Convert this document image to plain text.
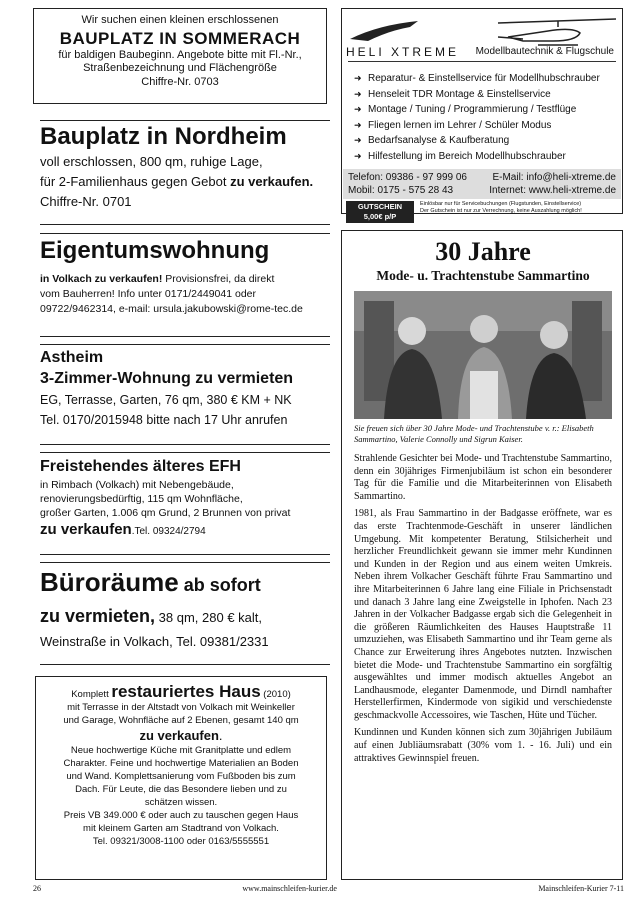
Wir suchen einen kleinen erschlossenen
BAUPLATZ IN SOMMERACH
für baldigen Baubeginn. Angebote bitte mit Fl.-Nr.,
Straßenbezeichnung und Flächengröße
Chiffre-Nr. 0703
HELI XTREME Modellbautechnik & Flugschule
➜ Reparatur- & Einstellservice für Modellhubschrauber
➜ Henseleit TDR Montage & Einstellservice
➜ Montage / Tuning / Programmierung / Testflüge
➜ Fliegen lernen im Lehrer / Schüler Modus
➜ Bedarfsanalyse & Kaufberatung
➜ Hilfestellung im Bereich Modellhubschrauber
Telefon: 09386 - 97 999 06	E-Mail: info@heli-xtreme.de
Mobil: 0175 - 575 28 43	Internet: www.heli-xtreme.de
GUTSCHEIN
5,00€ p/P
Einlösbar nur für Servicebuchungen (Flugstunden, Einstellservice)
Der Gutschein ist nur zur Verrechnung, keine Auszahlung möglich!
Bauplatz in Nordheim

voll erschlossen, 800 qm, ruhige Lage,

für 2-Familienhaus gegen Gebot zu verkaufen.

Chiffre-Nr. 0701

Eigentumswohnung

in Volkach zu verkaufen! Provisionsfrei, da direkt
vom Bauherren! Info unter 0171/2449041 oder
09722/9462314, e-mail: ursula.jakubowski@rome-tec.de

Astheim
3-Zimmer-Wohnung zu vermieten

EG, Terrasse, Garten, 76 qm, 380 € KM + NK

Tel. 0170/2015948 bitte nach 17 Uhr anrufen

Freistehendes älteres EFH

in Rimbach (Volkach) mit Nebengebäude,

renovierungsbedürftig, 115 qm Wohnfläche,

großer Garten, 1.006 qm Grund, 2 Brunnen von privat

zu verkaufen.Tel. 09324/2794

Büroräume ab sofort
zu vermieten, 38 qm, 280 € kalt,
Weinstraße in Volkach, Tel. 09381/2331
Komplett restauriertes Haus (2010)
mit Terrasse in der Altstadt von Volkach mit Weinkeller
und Garage, Wohnfläche auf 2 Ebenen, gesamt 140 qm
zu verkaufen.
Neue hochwertige Küche mit Granitplatte und edlem
Charakter. Feine und hochwertige Materialien an Boden
und Wand. Komplettsanierung vom Fußboden bis zum
Dach. Für Leute, die das Besondere lieben und zu
schätzen wissen.
Preis VB 349.000 € oder auch zu tauschen gegen Haus
mit kleinem Garten am Stadtrand von Volkach.
Tel. 09321/3008-1100 oder 0163/5555551
30 Jahre
Mode- u. Trachtenstube Sammartino
Sie freuen sich über 30 Jahre Mode- und Trachtenstube v. r.: Elisabeth Sammartino, Valerie Connolly und Sigrun Kaiser.

Strahlende Gesichter bei Mode- und Trachtenstube Sammartino, denn ein 30jähriges Firmenjubiläum ist schon ein besonderer Tag für die Familie und die Mitarbeiterinnen von Elisabeth Sammartino.

1981, als Frau Sammartino in der Badgasse eröffnete, war es das erste Trachtenmode-Geschäft in unserer ländlichen Umgebung. Mit kompetenter Beratung, Stilsicherheit und herzlicher Freundlichkeit gewann sie immer mehr Kundinnen und Kunden in der Region und aus einem weiten Umkreis. Neben ihrem Volkacher Geschäft führte Frau Sammartino und ihre Mitarbeiterinnen 6 Jahre lang eine Filiale in Prichsenstadt und danach 3 Jahre lang eine Zweigstelle in Iphofen. Nach 23 Jahren in der Volkacher Badgasse ergab sich die Gelegenheit in die größeren Räumlichkeiten des Hauses Hauptstraße 11 umzuziehen, was Elisabeth Sammartino und ihr Team gerne als Chance zur Erweiterung ihres Angebotes nutzten. Inzwischen bietet die Mode- und Trachtenstube Sammartino ein sorgfältig ausgewähltes und immer modisch aktuelles Angebot an Landhausmode, eleganter Damenmode, und Dirndl namhafter Herstellerfirmen, Kindermode von sigikid und verschiedenste geschmackvolle Accessoires, wie Taschen, Hüte und Tücher.

Kundinnen und Kunden können sich zum 30jährigen Jubiläum auf einen Jubliäumsrabatt (30% vom 1. - 16. Juli) und ein attraktives Gewinnspiel freuen.

26	www.mainschleifen-kurier.de	Mainschleifen-Kurier 7-11
